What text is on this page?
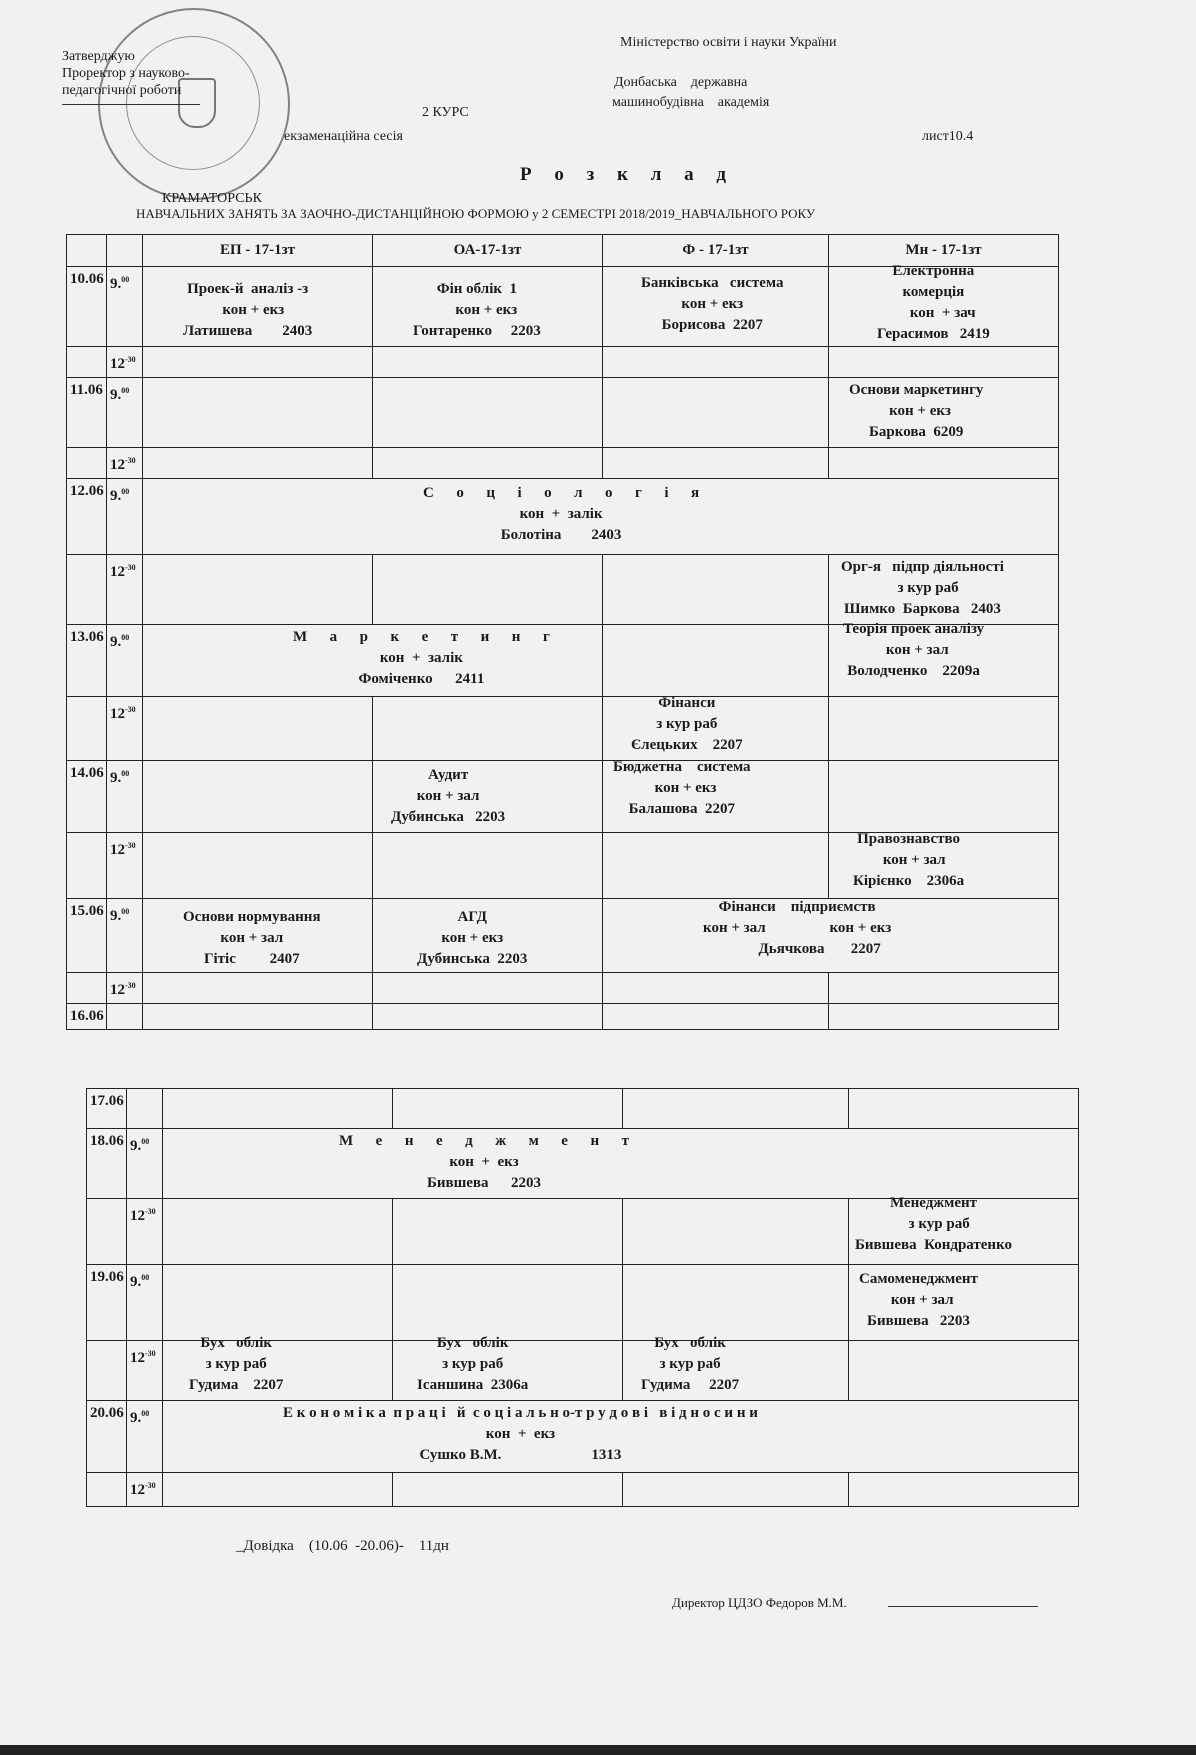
Затверджую
Проректор з науково-
педагогічної роботи
Міністерство освіти і науки України
Донбаська    державна
машинобудівна    академія
2 КУРС
екзаменаційна сесія	лист10.4
Р о з к л а д
КРАМАТОРСЬК
НАВЧАЛЬНИХ ЗАНЯТЬ ЗА ЗАОЧНО-ДИСТАНЦІЙНОЮ ФОРМОЮ у 2 СЕМЕСТРІ 2018/2019_НАВЧАЛЬНОГО РОКУ
		ЕП - 17-1зт	ОА-17-1зт	Ф - 17-1зт	Мн - 17-1зт
10.06	9.00	Проек-й  аналіз -з
кон + екз
Латишева        2403	Фін облік  1
кон + екз
Гонтаренко     2203	Банківська   система
кон + екз
Борисова  2207	Електронна
комерція
кон  + зач
Герасимов   2419

	$12^{-30}$				
11.06	9.00				Основи маркетингу
кон + екз
Баркова  6209

	$12^{-30}$				
12.06	9.00	С      о      ц      і      о      л      о      г      і      я
кон  +  залік
Болотіна        2403			

	$12^{-30}$				Орг-я   підпр діяльності
з кур раб
Шимко  Баркова   2403

13.06	9.00	М      а      р      к      е      т      и      н      г
кон  +  залік
Фоміченко      2411			Теорія проек аналізу
кон + зал
Володченко    2209а

	$12^{-30}$			Фінанси
з кур раб
Єлецьких    2207	

14.06	9.00		Аудит
кон + зал
Дубинська   2203	Бюджетна    система
кон + екз
Балашова  2207	

	$12^{-30}$				Правознавство
кон + зал
Кірієнко    2306а

15.06	9.00	Основи нормування
кон + зал
Гітіс         2407	АГД
кон + екз
Дубинська  2203	Фінанси    підприємств
кон + зал                 кон + екз
Дьячкова       2207	

	$12^{-30}$				
16.06					
17.06					
18.06	9.00	М      е      н      е      д      ж      м      е      н      т
кон  +  екз
Бившева      2203			

	$12^{-30}$				Менеджмент
з кур раб
Бившева  Кондратенко

19.06	9.00				Самоменеджмент
кон + зал
Бившева   2203

	$12^{-30}$	Бух   облік
з кур раб
Гудима    2207	Бух   облік
з кур раб
Ісаншина  2306а	Бух   облік
з кур раб
Гудима     2207	

20.06	9.00	Е к о н о м і к а  п р а ц і   й  с о ц і а л ь н о-т р у д о в і   в і д н о с и н и
кон  +  екз
Сушко В.М.                        1313			

	$12^{-30}$				
_Довідка    (10.06  -20.06)-    11дн
Директор ЦДЗО Федоров М.М.
